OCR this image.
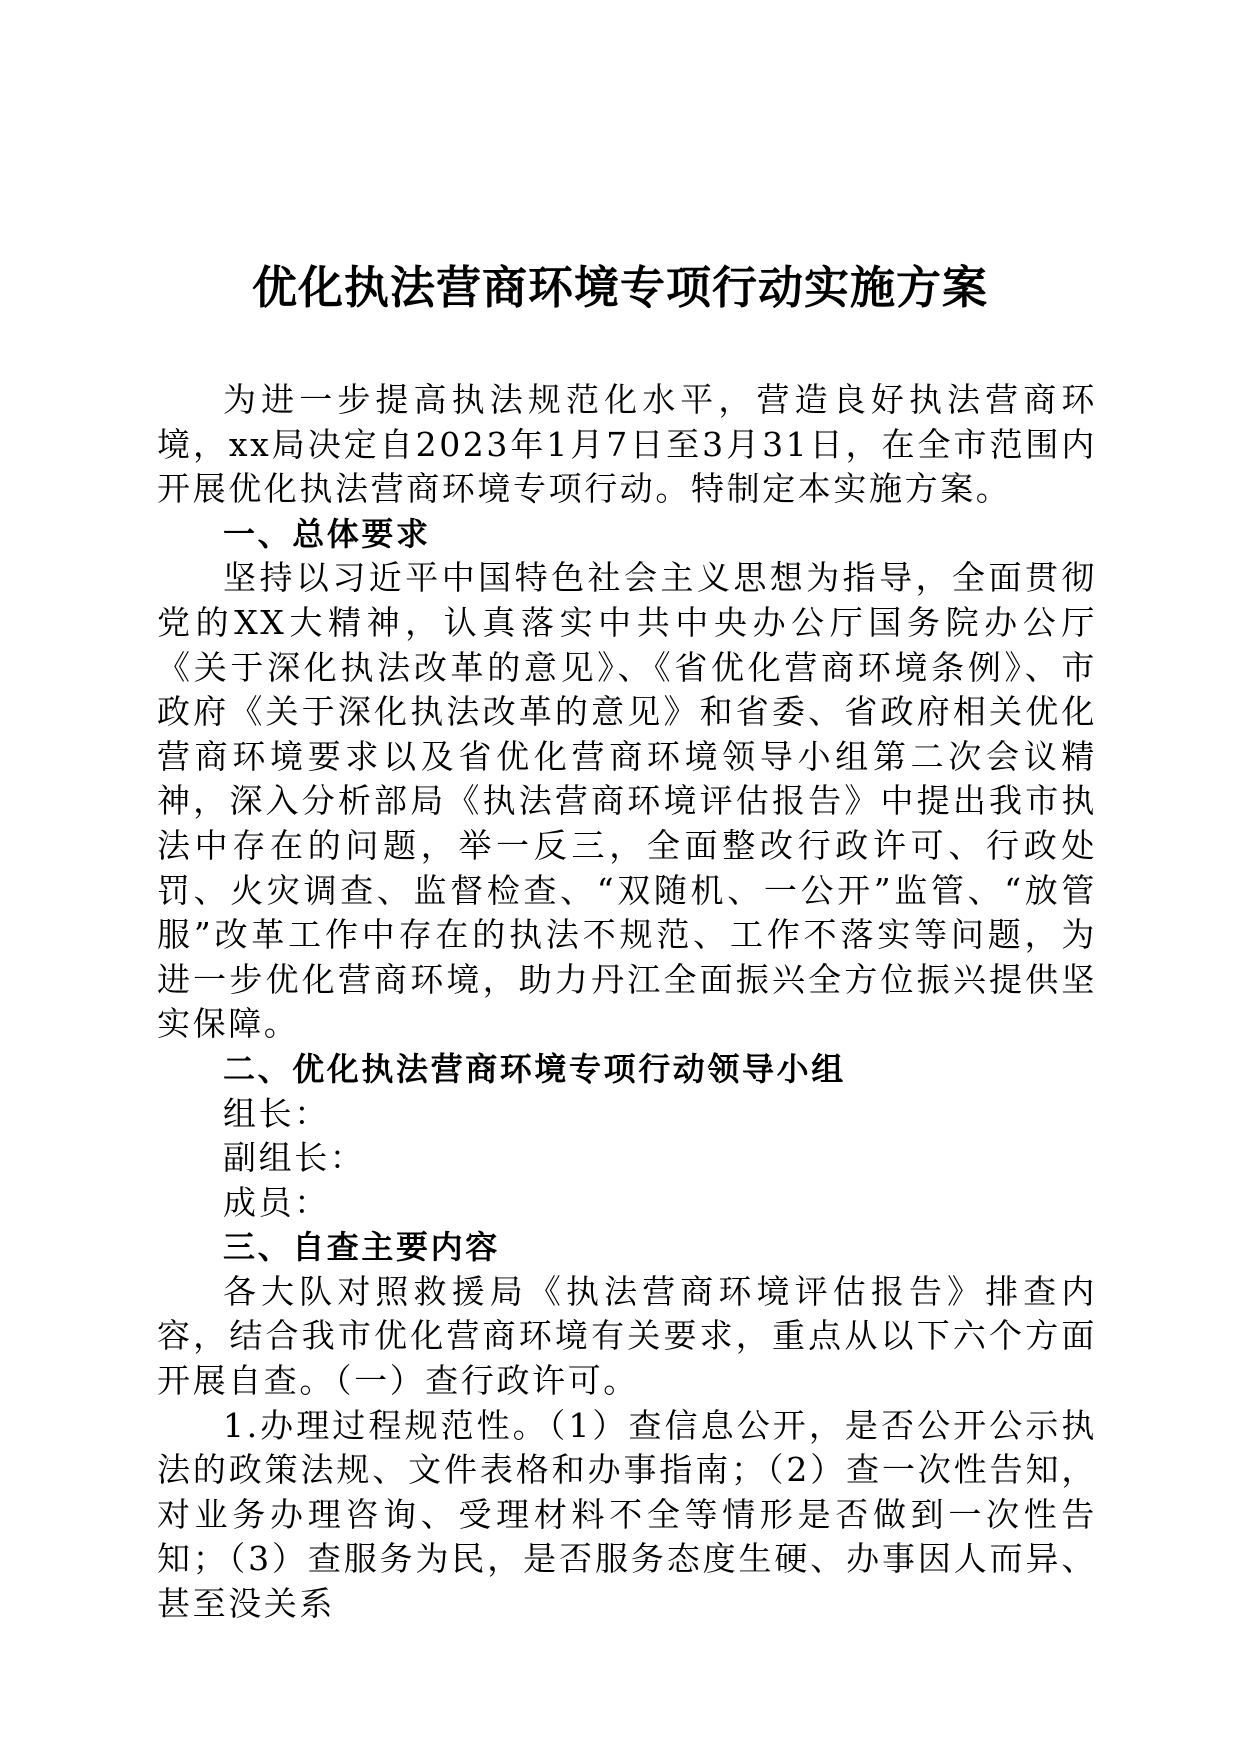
优化执法营商环境专项行动实施方案

为进一步提高执法规范化水平，营造良好执法营商环境，xx局决定自2023年1月7日至3月31日，在全市范围内开展优化执法营商环境专项行动。特制定本实施方案。

一、总体要求

坚持以习近平中国特色社会主义思想为指导，全面贯彻党的XX大精神，认真落实中共中央办公厅国务院办公厅《关于深化执法改革的意见》、《省优化营商环境条例》、市政府《关于深化执法改革的意见》和省委、省政府相关优化营商环境要求以及省优化营商环境领导小组第二次会议精神，深入分析部局《执法营商环境评估报告》中提出我市执法中存在的问题，举一反三，全面整改行政许可、行政处罚、火灾调查、监督检查、“双随机、一公开”监管、“放管服”改革工作中存在的执法不规范、工作不落实等问题，为进一步优化营商环境，助力丹江全面振兴全方位振兴提供坚实保障。

二、优化执法营商环境专项行动领导小组

组长：

副组长：

成员：

三、自查主要内容

各大队对照救援局《执法营商环境评估报告》排查内容，结合我市优化营商环境有关要求，重点从以下六个方面开展自查。（一）查行政许可。

1.办理过程规范性。（1）查信息公开，是否公开公示执法的政策法规、文件表格和办事指南；（2）查一次性告知，对业务办理咨询、受理材料不全等情形是否做到一次性告知；（3）查服务为民，是否服务态度生硬、办事因人而异、甚至没关系
